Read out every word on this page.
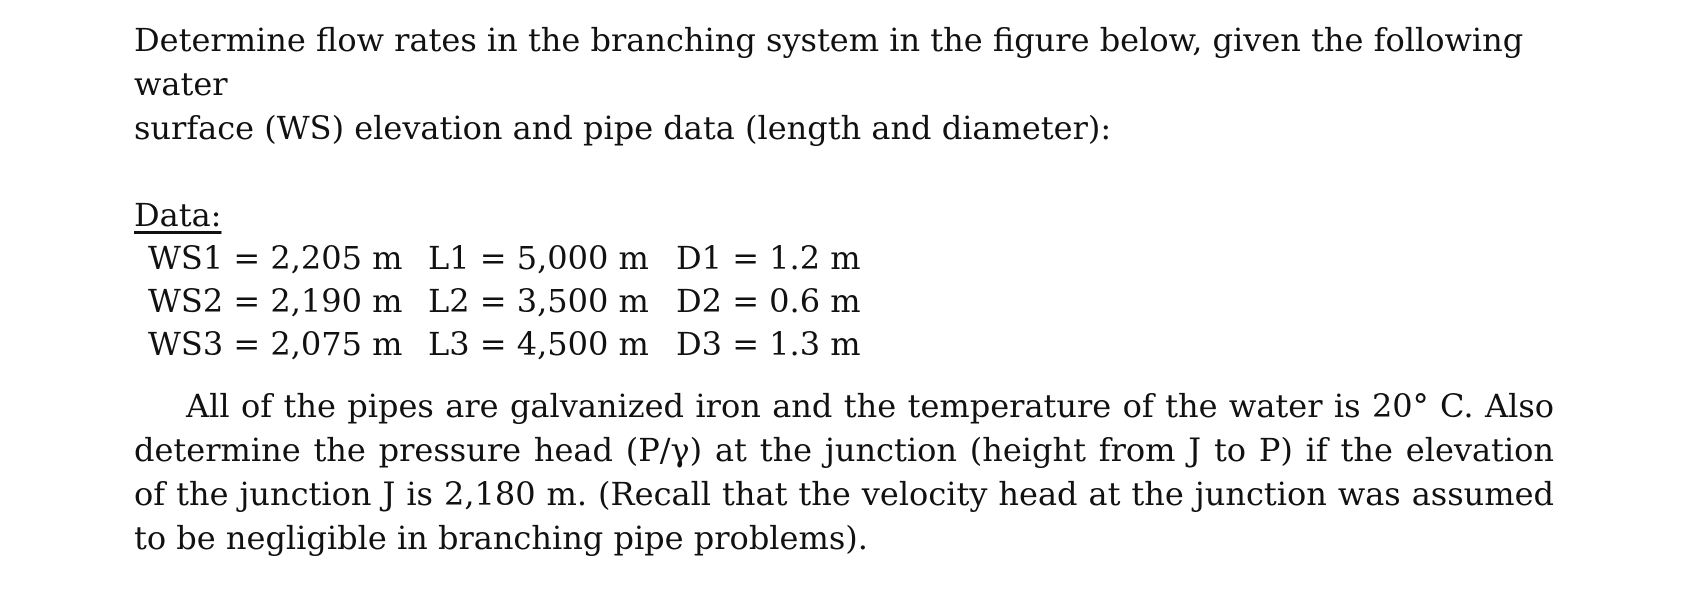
Determine flow rates in the branching system in the figure below, given the following water
surface (WS) elevation and pipe data (length and diameter):

Data:
WS1 = 2,205 m	L1 = 5,000 m	D1 = 1.2 m
WS2 = 2,190 m	L2 = 3,500 m	D2 = 0.6 m
WS3 = 2,075 m	L3 = 4,500 m	D3 = 1.3 m

All of the pipes are galvanized iron and the temperature of the water is 20° C. Also determine the pressure head (P/γ) at the junction (height from J to P) if the elevation of the junction J is 2,180 m. (Recall that the velocity head at the junction was assumed to be negligible in branching pipe problems).
